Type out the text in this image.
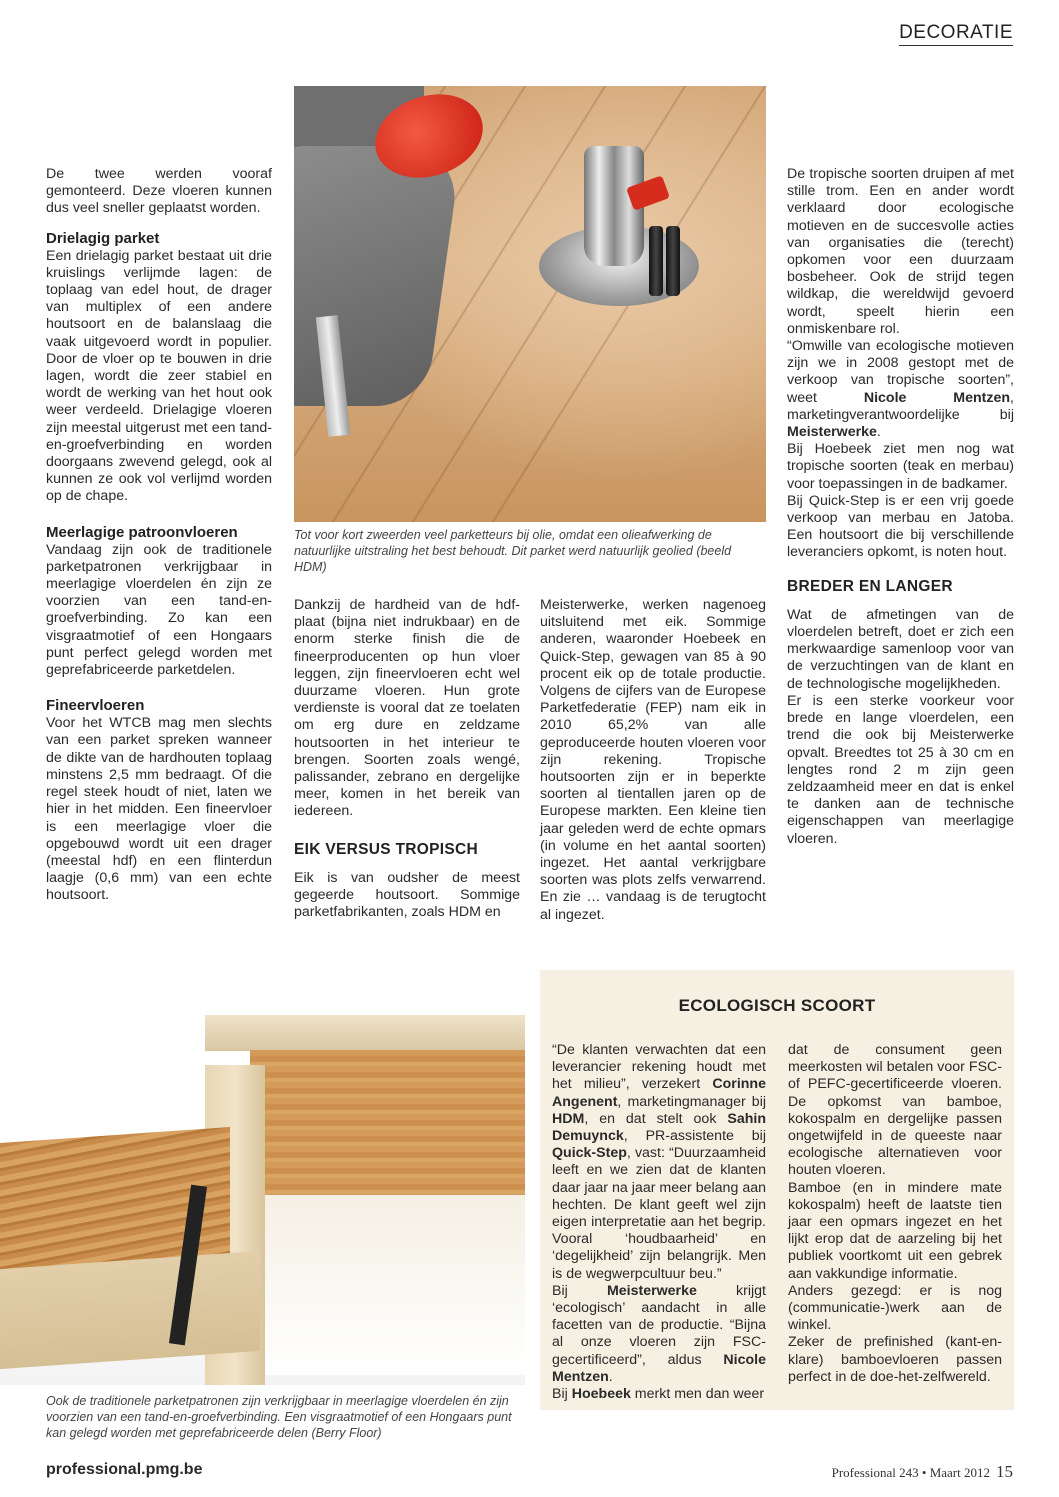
DECORATIE

De twee werden vooraf gemonteerd. Deze vloeren kunnen dus veel sneller geplaatst worden.

Drielagig parket

Een drielagig parket bestaat uit drie kruislings verlijmde lagen: de toplaag van edel hout, de drager van multiplex of een andere houtsoort en de balanslaag die vaak uitgevoerd wordt in populier. Door de vloer op te bouwen in drie lagen, wordt die zeer stabiel en wordt de werking van het hout ook weer verdeeld. Drielagige vloeren zijn meestal uitgerust met een tand-en-groefverbinding en worden doorgaans zwevend gelegd, ook al kunnen ze ook vol verlijmd worden op de chape.

Meerlagige patroonvloeren

Vandaag zijn ook de traditionele parketpatronen verkrijgbaar in meerlagige vloerdelen én zijn ze voorzien van een tand-en-groefverbinding. Zo kan een visgraatmotief of een Hongaars punt perfect gelegd worden met geprefabriceerde parketdelen.

Fineervloeren

Voor het WTCB mag men slechts van een parket spreken wanneer de dikte van de hardhouten toplaag minstens 2,5 mm bedraagt. Of die regel steek houdt of niet, laten we hier in het midden. Een fineervloer is een meerlagige vloer die opgebouwd wordt uit een drager (meestal hdf) en een flinterdun laagje (0,6 mm) van een echte houtsoort.

Tot voor kort zweerden veel parketteurs bij olie, omdat een olieafwerking de natuurlijke uitstraling het best behoudt. Dit parket werd natuurlijk geolied (beeld HDM)

Dankzij de hardheid van de hdf-plaat (bijna niet indrukbaar) en de enorm sterke finish die de fineerproducenten op hun vloer leggen, zijn fineervloeren echt wel duurzame vloeren. Hun grote verdienste is vooral dat ze toelaten om erg dure en zeldzame houtsoorten in het interieur te brengen. Soorten zoals wengé, palissander, zebrano en dergelijke meer, komen in het bereik van iedereen.

EIK VERSUS TROPISCH

Eik is van oudsher de meest gegeerde houtsoort. Sommige parketfabrikanten, zoals HDM en

Meisterwerke, werken nagenoeg uitsluitend met eik. Sommige anderen, waaronder Hoebeek en Quick-Step, gewagen van 85 à 90 procent eik op de totale productie. Volgens de cijfers van de Europese Parketfederatie (FEP) nam eik in 2010 65,2% van alle geproduceerde houten vloeren voor zijn rekening. Tropische houtsoorten zijn er in beperkte soorten al tientallen jaren op de Europese markten. Een kleine tien jaar geleden werd de echte opmars (in volume en het aantal soorten) ingezet. Het aantal verkrijgbare soorten was plots zelfs verwarrend. En zie … vandaag is de terugtocht al ingezet.

De tropische soorten druipen af met stille trom. Een en ander wordt verklaard door ecologische motieven en de succesvolle acties van organisaties die (terecht) opkomen voor een duurzaam bosbeheer. Ook de strijd tegen wildkap, die wereldwijd gevoerd wordt, speelt hierin een onmiskenbare rol.

“Omwille van ecologische motieven zijn we in 2008 gestopt met de verkoop van tropische soorten”, weet Nicole Mentzen, marketingverantwoordelijke bij Meisterwerke.

Bij Hoebeek ziet men nog wat tropische soorten (teak en merbau) voor toepassingen in de badkamer.

Bij Quick-Step is er een vrij goede verkoop van merbau en Jatoba. Een houtsoort die bij verschillende leveranciers opkomt, is noten hout.

BREDER EN LANGER

Wat de afmetingen van de vloerdelen betreft, doet er zich een merkwaardige samenloop voor van de verzuchtingen van de klant en de technologische mogelijkheden.

Er is een sterke voorkeur voor brede en lange vloerdelen, een trend die ook bij Meisterwerke opvalt. Breedtes tot 25 à 30 cm en lengtes rond 2 m zijn geen zeldzaamheid meer en dat is enkel te danken aan de technische eigenschappen van meerlagige vloeren.

Ook de traditionele parketpatronen zijn verkrijgbaar in meerlagige vloerdelen én zijn voorzien van een tand-en-groefverbinding. Een visgraatmotief of een Hongaars punt kan gelegd worden met geprefabriceerde delen (Berry Floor)
ECOLOGISCH SCOORT

“De klanten verwachten dat een leverancier rekening houdt met het milieu”, verzekert Corinne Angenent, marketingmanager bij HDM, en dat stelt ook Sahin Demuynck, PR-assistente bij Quick-Step, vast: “Duurzaamheid leeft en we zien dat de klanten daar jaar na jaar meer belang aan hechten. De klant geeft wel zijn eigen interpretatie aan het begrip. Vooral ‘houdbaarheid’ en ‘degelijkheid’ zijn belangrijk. Men is de wegwerpcultuur beu.”

Bij Meisterwerke krijgt ‘ecologisch’ aandacht in alle facetten van de productie. “Bijna al onze vloeren zijn FSC- gecertificeerd”, aldus Nicole Mentzen.

Bij Hoebeek merkt men dan weer

dat de consument geen meerkosten wil betalen voor FSC- of PEFC-gecertificeerde vloeren. De opkomst van bamboe, kokospalm en dergelijke passen ongetwijfeld in de queeste naar ecologische alternatieven voor houten vloeren.

Bamboe (en in mindere mate kokospalm) heeft de laatste tien jaar een opmars ingezet en het lijkt erop dat de aarzeling bij het publiek voortkomt uit een gebrek aan vakkundige informatie.

Anders gezegd: er is nog (communicatie-)werk aan de winkel.

Zeker de prefinished (kant-en-klare) bamboevloeren passen perfect in de doe-het-zelfwereld.

professional.pmg.be	Professional 243 • Maart 2012 15
